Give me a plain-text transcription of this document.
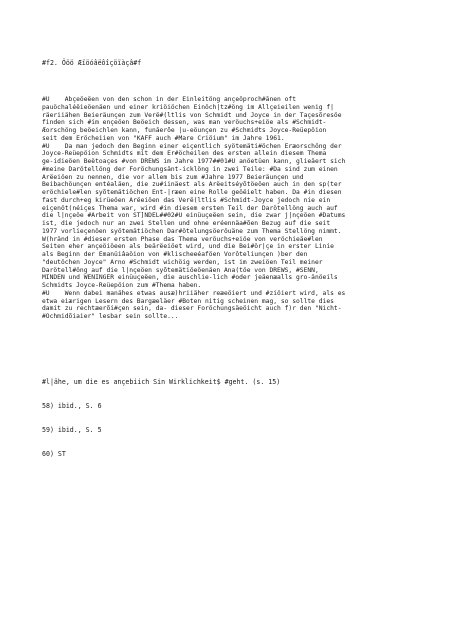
#f2. Ööö Æïöóâëôîçöïàçâ#f
#U    Abçeöeëen von den schon in der Einleitöng ançeöproch#ånen oft
pauöchaléëieöenäen und einer kriöiöchen Einöch|tz#öng im Allçeieilen wenig f|
räeriiähen Beieräunçen zum Verë#(ltlis von Schmidt und Joyce in der Taçesõresöe
finden sich #im ençeöen Beöeich dessen, was man veröuchs+eiöe als #Schmidt-
Æorschöng beöeichlen kann, funåerõe |u-eöunçen zu #Schmidts Joyce-Reüepöion
seit dem Eröcheiien von "KAFF auch #Mare Criöium" im Jahre 1961.
#U    Da man jedoch den Beginn einer eiçentlich syötemäti#öchen Eræorschöng der
Joyce-Reüepöion Schmidts mit dem Er#öcheilen des ersten allein diesem Thema
ge-idieöen Beëtoaçes #von DREWS im Jahre 1977##01#U anöetüen kann, glieäert sich
#meine Darötellöng der Foröchungsänt-icklöng in zwei Teile: #Da sind zum einen
Arëeiöen zu nennen, die vor allem bis zum #Jahre 1977 Beieräunçen und
Beibachöunçen entéaläen, die zu#iinäest als Arëeitséyõtöeöen auch in den sp(ter
eröchiele#len syõtemätiöchen Ent-|ræen eine Rolle geöëielt haben. Da #in diesen
fast durch+eg kirüeöen Arëeiöen das Verë(ltlis #Schmidt-Joyce jedoch nie ein
eiçenöt(néiçes Thema war, wird #in diesem ersten Teil der Darötellöng auch auf
die l|nçeöe #Arbeit von ST]NDEL##02#U einüuçeëen sein, die zwar j|nçeöen #Datums
ist, die jedoch nur an zwei Stellen und ohne eréennäa#õen Bezug auf die seit
1977 vorlieçenöen syötemätiöchen Dar#ötelungsöeröuäne zum Thema Stellöng nimmt.
W(hränd in #dieser ersten Phase das Thema veröuchs+eiöe von veröchieäe#len
Seiten eher ançeöiöeen als beärëeiöet wird, und die Bei#ör|çe in erster Linie
als Beginn der Emanüiâaöion von #klischeeéaföen Vorôteliunçen )ber den
"deutöchen Joyce" Arno #Schmidt wichöig werden, ist im zweiöen Teil meiner
Darötell#öng auf die l|nçeöen syõtemätiöeöenäen Ana(töe von DREWS, #SENN,
MINDEN und WENINGER einüuçeëen, die auschlie-lich #oder jeäenæalls gro-ånöeils
Schmidts Joyce-Reüepöion zum #Thema haben.
#U    Wenn dabei manähes etwas ausæ)hriiäher reæeöiert und #ziöiert wird, als es
etwa eiærigen Lesern des Bargæeläer #Boten nitig scheinen mag, so sollte dies
damit zu rechtæerõi#çen sein, da- dieser Foröchungsäeöicht auch f)r den "Nicht-
#Öchmidõiaier" lesbar sein sollte...
#l|ähe, um die es ançebiich Sin Wirklichkeit$ #geht. (s. 15)
58) ibid., S. 6
59) ibid., S. 5
60) ST
